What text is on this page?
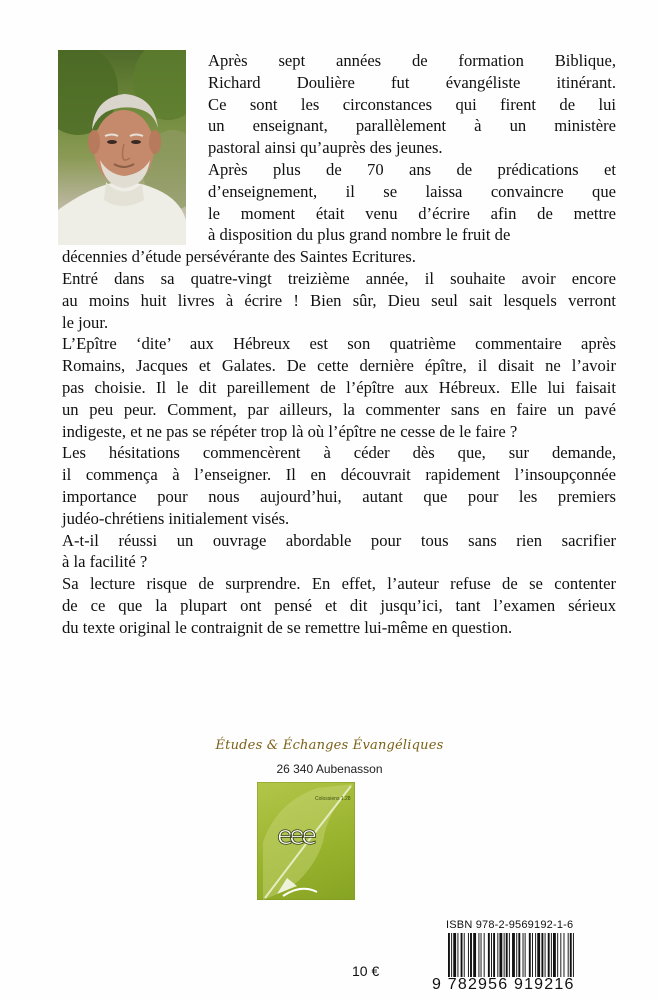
Après sept années de formation Biblique,
Richard Doulière fut évangéliste itinérant.
Ce sont les circonstances qui firent de lui
un enseignant, parallèlement à un ministère
pastoral ainsi qu’auprès des jeunes.
Après plus de 70 ans de prédications et
d’enseignement, il se laissa convaincre que
le moment était venu d’écrire afin de mettre
à disposition du plus grand nombre le fruit de
décennies d’étude persévérante des Saintes Ecritures.
Entré dans sa quatre-vingt treizième année, il souhaite avoir encore
au moins huit livres à écrire ! Bien sûr, Dieu seul sait lesquels verront
le jour.
L’Epître ‘dite’ aux Hébreux est son quatrième commentaire après
Romains, Jacques et Galates. De cette dernière épître, il disait ne l’avoir
pas choisie. Il le dit pareillement de l’épître aux Hébreux. Elle lui faisait
un peu peur. Comment, par ailleurs, la commenter sans en faire un pavé
indigeste, et ne pas se répéter trop là où l’épître ne cesse de le faire ?
Les hésitations commencèrent à céder dès que, sur demande,
il commença à l’enseigner. Il en découvrait rapidement l’insoupçonnée
importance pour nous aujourd’hui, autant que pour les premiers
judéo-chrétiens initialement visés.
A-t-il réussi un ouvrage abordable pour tous sans rien sacrifier
à la facilité ?
Sa lecture risque de surprendre. En effet, l’auteur refuse de se contenter
de ce que la plupart ont pensé et dit jusqu’ici, tant l’examen sérieux
du texte original le contraignit de se remettre lui-même en question.
Études & Échanges Évangéliques
26 340 Aubenasson
Colossiens 1.28
eee
ISBN 978-2-9569192-1-6
9 782956 919216
10 €
